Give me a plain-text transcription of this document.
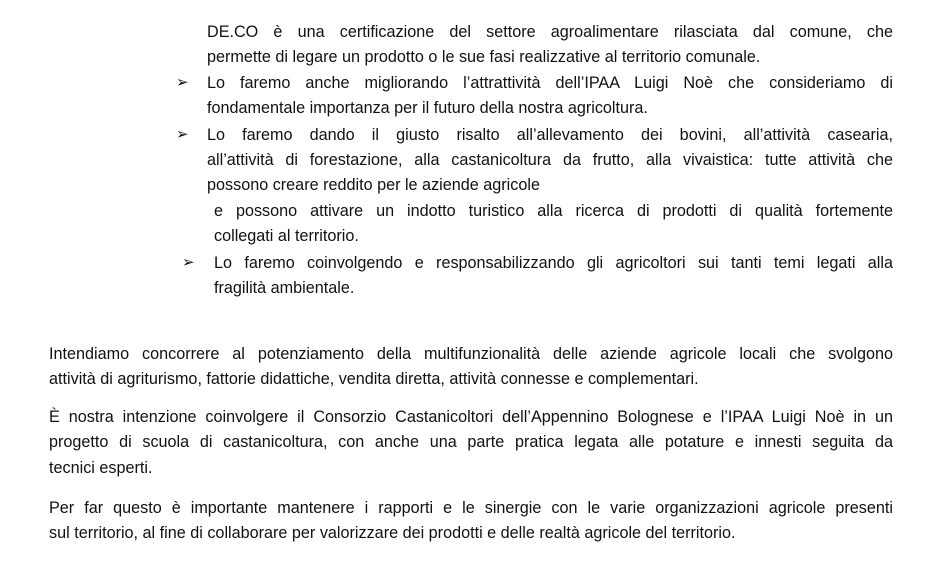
DE.CO è una certificazione del settore agroalimentare rilasciata dal comune, che
permette di legare un prodotto o le sue fasi realizzative al territorio comunale.
➢ Lo faremo anche migliorando l’attrattività dell’IPAA Luigi Noè che consideriamo di
fondamentale importanza per il futuro della nostra agricoltura.
➢ Lo faremo dando il giusto risalto all’allevamento dei bovini, all’attività casearia,
all’attività di forestazione, alla castanicoltura da frutto, alla vivaistica: tutte attività che
possono creare reddito per le aziende agricole
e possono attivare un indotto turistico alla ricerca di prodotti di qualità fortemente
collegati al territorio.
➢ Lo faremo coinvolgendo e responsabilizzando gli agricoltori sui tanti temi legati alla
fragilità ambientale.
Intendiamo concorrere al potenziamento della multifunzionalità delle aziende agricole locali che svolgono
attività di agriturismo, fattorie didattiche, vendita diretta, attività connesse e complementari.
È nostra intenzione coinvolgere il Consorzio Castanicoltori dell’Appennino Bolognese e l’IPAA Luigi Noè in un
progetto di scuola di castanicoltura, con anche una parte pratica legata alle potature e innesti seguita da
tecnici esperti.
Per far questo è importante mantenere i rapporti e le sinergie con le varie organizzazioni agricole presenti
sul territorio, al fine di collaborare per valorizzare dei prodotti e delle realtà agricole del territorio.
